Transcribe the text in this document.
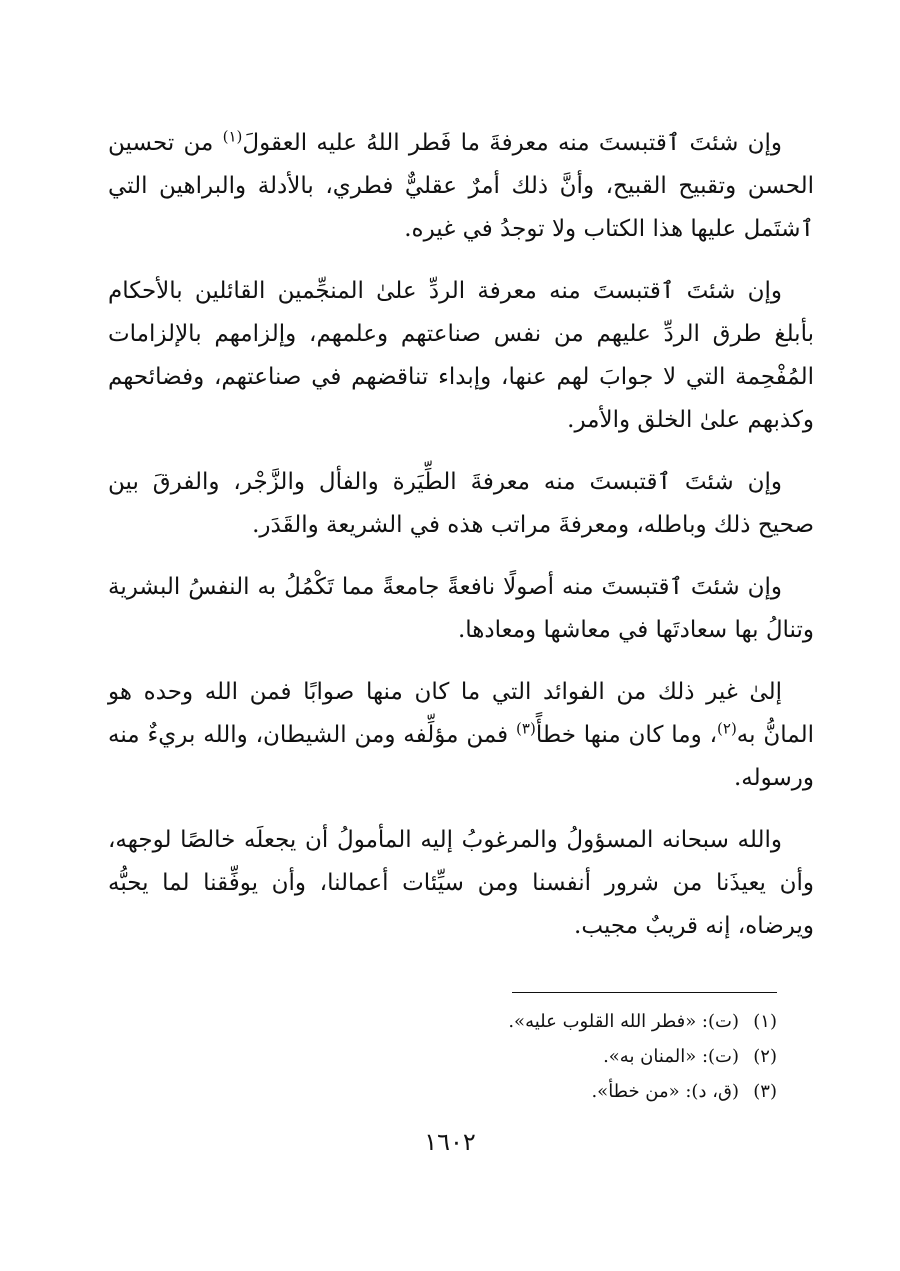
وإن شئتَ ٱقتبستَ منه معرفةَ ما فَطر اللهُ عليه العقولَ$^{(١)}$ من تحسين الحسن وتقبيح القبيح، وأنَّ ذلك أمرٌ عقليٌّ فطري، بالأدلة والبراهين التي ٱشتَمل عليها هذا الكتاب ولا توجدُ في غيره.

وإن شئتَ ٱقتبستَ منه معرفة الردِّ علىٰ المنجِّمين القائلين بالأحكام بأبلغ طرق الردِّ عليهم من نفس صناعتهم وعلمهم، وإلزامهم بالإلزامات المُفْحِمة التي لا جوابَ لهم عنها، وإبداء تناقضهم في صناعتهم، وفضائحهم وكذبهم علىٰ الخلق والأمر.

وإن شئتَ ٱقتبستَ منه معرفةَ الطِّيَرة والفأل والزَّجْر، والفرقَ بين صحيح ذلك وباطله، ومعرفةَ مراتب هذه في الشريعة والقَدَر.

وإن شئتَ ٱقتبستَ منه أصولًا نافعةً جامعةً مما تَكْمُلُ به النفسُ البشرية وتنالُ بها سعادتَها في معاشها ومعادها.

إلىٰ غير ذلك من الفوائد التي ما كان منها صوابًا فمن الله وحده هو المانُّ به$^{(٢)}$، وما كان منها خطأً$^{(٣)}$ فمن مؤلِّفه ومن الشيطان، والله بريءٌ منه ورسوله.

والله سبحانه المسؤولُ والمرغوبُ إليه المأمولُ أن يجعلَه خالصًا لوجهه، وأن يعيذَنا من شرور أنفسنا ومن سيِّئات أعمالنا، وأن يوفِّقنا لما يحبُّه ويرضاه، إنه قريبٌ مجيب.

(١)(ت): «فطر الله القلوب عليه».

(٢)(ت): «المنان به».

(٣)(ق، د): «من خطأ».

١٦٠٢
